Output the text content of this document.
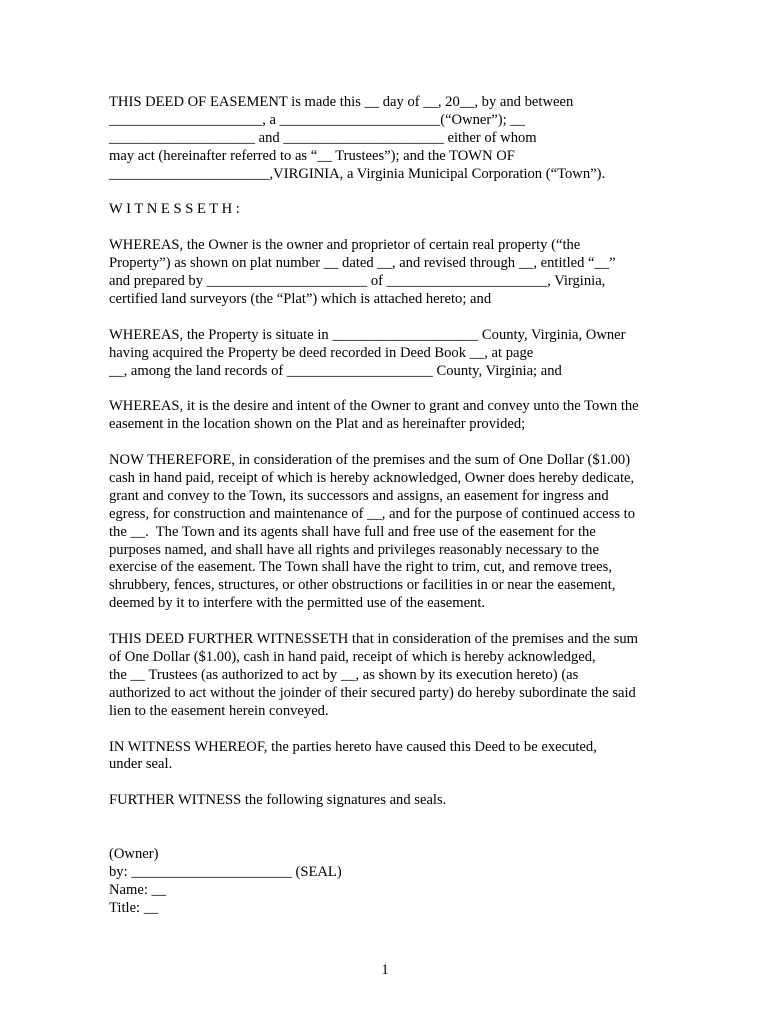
THIS DEED OF EASEMENT is made this __ day of __, 20__, by and between
_____________________, a ______________________(“Owner”); __
____________________ and ______________________ either of whom
may act (hereinafter referred to as “__ Trustees”); and the TOWN OF
______________________,VIRGINIA, a Virginia Municipal Corporation (“Town”).
W I T N E S S E T H :
WHEREAS, the Owner is the owner and proprietor of certain real property (“the
Property”) as shown on plat number __ dated __, and revised through __, entitled “__”
and prepared by ______________________ of ______________________, Virginia,
certified land surveyors (the “Plat”) which is attached hereto; and
WHEREAS, the Property is situate in ____________________ County, Virginia, Owner
having acquired the Property be deed recorded in Deed Book __, at page
__, among the land records of ____________________ County, Virginia; and
WHEREAS, it is the desire and intent of the Owner to grant and convey unto the Town the
easement in the location shown on the Plat and as hereinafter provided;
NOW THEREFORE, in consideration of the premises and the sum of One Dollar ($1.00)
cash in hand paid, receipt of which is hereby acknowledged, Owner does hereby dedicate,
grant and convey to the Town, its successors and assigns, an easement for ingress and
egress, for construction and maintenance of __, and for the purpose of continued access to
the __.  The Town and its agents shall have full and free use of the easement for the
purposes named, and shall have all rights and privileges reasonably necessary to the
exercise of the easement. The Town shall have the right to trim, cut, and remove trees,
shrubbery, fences, structures, or other obstructions or facilities in or near the easement,
deemed by it to interfere with the permitted use of the easement.
THIS DEED FURTHER WITNESSETH that in consideration of the premises and the sum
of One Dollar ($1.00), cash in hand paid, receipt of which is hereby acknowledged,
the __ Trustees (as authorized to act by __, as shown by its execution hereto) (as
authorized to act without the joinder of their secured party) do hereby subordinate the said
lien to the easement herein conveyed.
IN WITNESS WHEREOF, the parties hereto have caused this Deed to be executed,
under seal.
FURTHER WITNESS the following signatures and seals.
(Owner)
by: ______________________ (SEAL)
Name: __
Title: __
1
